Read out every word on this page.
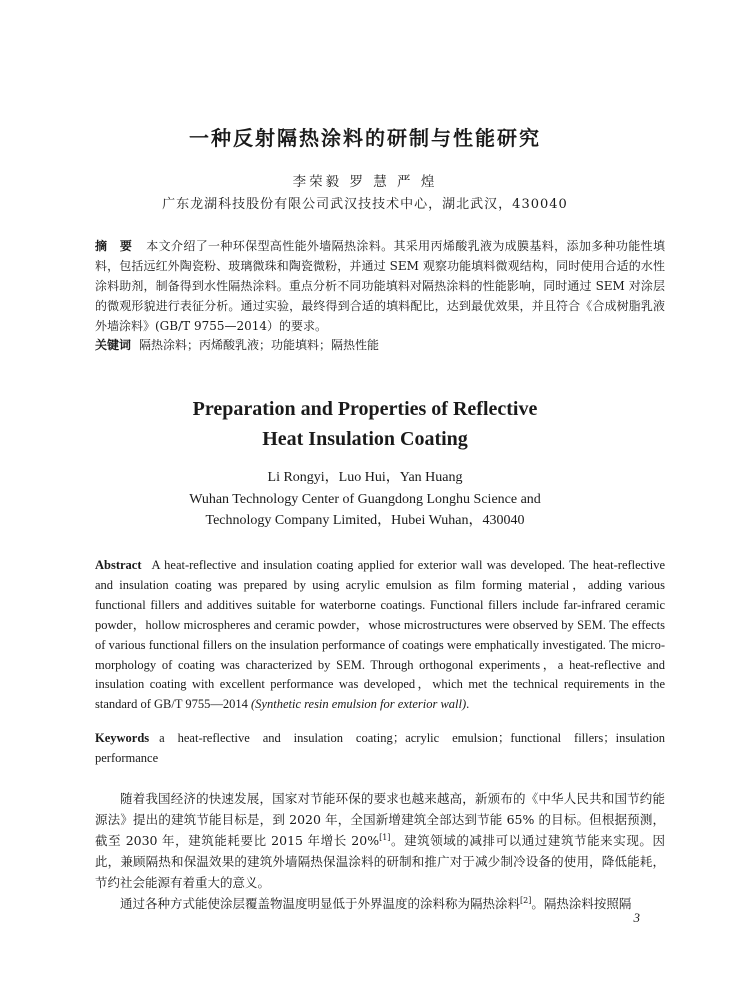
一种反射隔热涂料的研制与性能研究
李荣毅 罗 慧 严 煌
广东龙湖科技股份有限公司武汉技技术中心，湖北武汉，430040
摘 要 本文介绍了一种环保型高性能外墙隔热涂料。其采用丙烯酸乳液为成膜基料，添加多种功能性填料，包括远红外陶瓷粉、玻璃微珠和陶瓷微粉，并通过 SEM 观察功能填料微观结构，同时使用合适的水性涂料助剂，制备得到水性隔热涂料。重点分析不同功能填料对隔热涂料的性能影响，同时通过 SEM 对涂层的微观形貌进行表征分析。通过实验，最终得到合适的填料配比，达到最优效果，并且符合《合成树脂乳液外墙涂料》(GB/T 9755—2014）的要求。
关键词 隔热涂料；丙烯酸乳液；功能填料；隔热性能
Preparation and Properties of Reflective
Heat Insulation Coating
Li Rongyi，Luo Hui，Yan Huang
Wuhan Technology Center of Guangdong Longhu Science and
Technology Company Limited，Hubei Wuhan，430040
Abstract A heat-reflective and insulation coating applied for exterior wall was developed. The heat-reflective and insulation coating was prepared by using acrylic emulsion as film forming material，adding various functional fillers and additives suitable for waterborne coatings. Functional fillers include far-infrared ceramic powder，hollow microspheres and ceramic powder，whose microstructures were observed by SEM. The effects of various functional fillers on the insulation performance of coatings were emphatically investigated. The micro-morphology of coating was characterized by SEM. Through orthogonal experiments，a heat-reflective and insulation coating with excellent performance was developed，which met the technical requirements in the standard of GB/T 9755—2014 (Synthetic resin emulsion for exterior wall).
Keywords a heat-reflective and insulation coating；acrylic emulsion；functional fillers；insulation performance

随着我国经济的快速发展，国家对节能环保的要求也越来越高，新颁布的《中华人民共和国节约能源法》提出的建筑节能目标是，到 2020 年，全国新增建筑全部达到节能 65% 的目标。但根据预测，截至 2030 年，建筑能耗要比 2015 年增长 20%[1]。建筑领域的减排可以通过建筑节能来实现。因此，兼顾隔热和保温效果的建筑外墙隔热保温涂料的研制和推广对于减少制冷设备的使用，降低能耗，节约社会能源有着重大的意义。

通过各种方式能使涂层覆盖物温度明显低于外界温度的涂料称为隔热涂料[2]。隔热涂料按照隔

3
